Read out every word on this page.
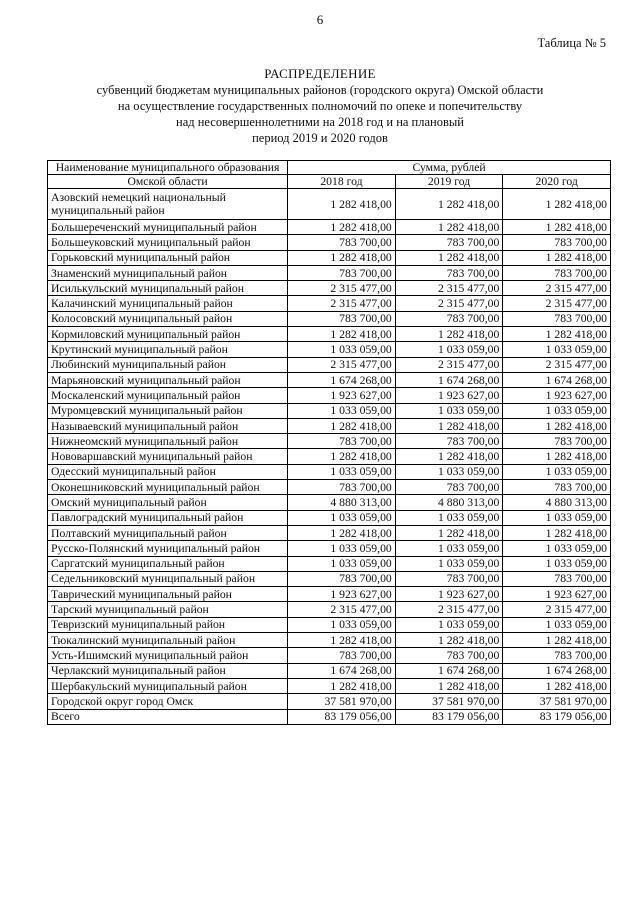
6
Таблица № 5
РАСПРЕДЕЛЕНИЕ
субвенций бюджетам муниципальных районов (городского округа) Омской области
на осуществление государственных полномочий по опеке и попечительству
над несовершеннолетними на 2018 год и на плановый
период 2019 и 2020 годов
Наименование муниципального образования	Сумма, рублей		
Омской области	2018 год	2019 год	2020 год
Азовский немецкий национальный муниципальный район	1 282 418,00	1 282 418,00	1 282 418,00
Большереченский муниципальный район	1 282 418,00	1 282 418,00	1 282 418,00
Большеуковский муниципальный район	783 700,00	783 700,00	783 700,00
Горьковский муниципальный район	1 282 418,00	1 282 418,00	1 282 418,00
Знаменский муниципальный район	783 700,00	783 700,00	783 700,00
Исилькульский муниципальный район	2 315 477,00	2 315 477,00	2 315 477,00
Калачинский муниципальный район	2 315 477,00	2 315 477,00	2 315 477,00
Колосовский муниципальный район	783 700,00	783 700,00	783 700,00
Кормиловский муниципальный район	1 282 418,00	1 282 418,00	1 282 418,00
Крутинский муниципальный район	1 033 059,00	1 033 059,00	1 033 059,00
Любинский муниципальный район	2 315 477,00	2 315 477,00	2 315 477,00
Марьяновский муниципальный район	1 674 268,00	1 674 268,00	1 674 268,00
Москаленский муниципальный район	1 923 627,00	1 923 627,00	1 923 627,00
Муромцевский муниципальный район	1 033 059,00	1 033 059,00	1 033 059,00
Называевский муниципальный район	1 282 418,00	1 282 418,00	1 282 418,00
Нижнеомский муниципальный район	783 700,00	783 700,00	783 700,00
Нововаршавский муниципальный район	1 282 418,00	1 282 418,00	1 282 418,00
Одесский муниципальный район	1 033 059,00	1 033 059,00	1 033 059,00
Оконешниковский муниципальный район	783 700,00	783 700,00	783 700,00
Омский муниципальный район	4 880 313,00	4 880 313,00	4 880 313,00
Павлоградский муниципальный район	1 033 059,00	1 033 059,00	1 033 059,00
Полтавский муниципальный район	1 282 418,00	1 282 418,00	1 282 418,00
Русско-Полянский муниципальный район	1 033 059,00	1 033 059,00	1 033 059,00
Саргатский муниципальный район	1 033 059,00	1 033 059,00	1 033 059,00
Седельниковский муниципальный район	783 700,00	783 700,00	783 700,00
Таврический муниципальный район	1 923 627,00	1 923 627,00	1 923 627,00
Тарский муниципальный район	2 315 477,00	2 315 477,00	2 315 477,00
Тевризский муниципальный район	1 033 059,00	1 033 059,00	1 033 059,00
Тюкалинский муниципальный район	1 282 418,00	1 282 418,00	1 282 418,00
Усть-Ишимский муниципальный район	783 700,00	783 700,00	783 700,00
Черлакский муниципальный район	1 674 268,00	1 674 268,00	1 674 268,00
Шербакульский муниципальный район	1 282 418,00	1 282 418,00	1 282 418,00
Городской округ город Омск	37 581 970,00	37 581 970,00	37 581 970,00
Всего	83 179 056,00	83 179 056,00	83 179 056,00
